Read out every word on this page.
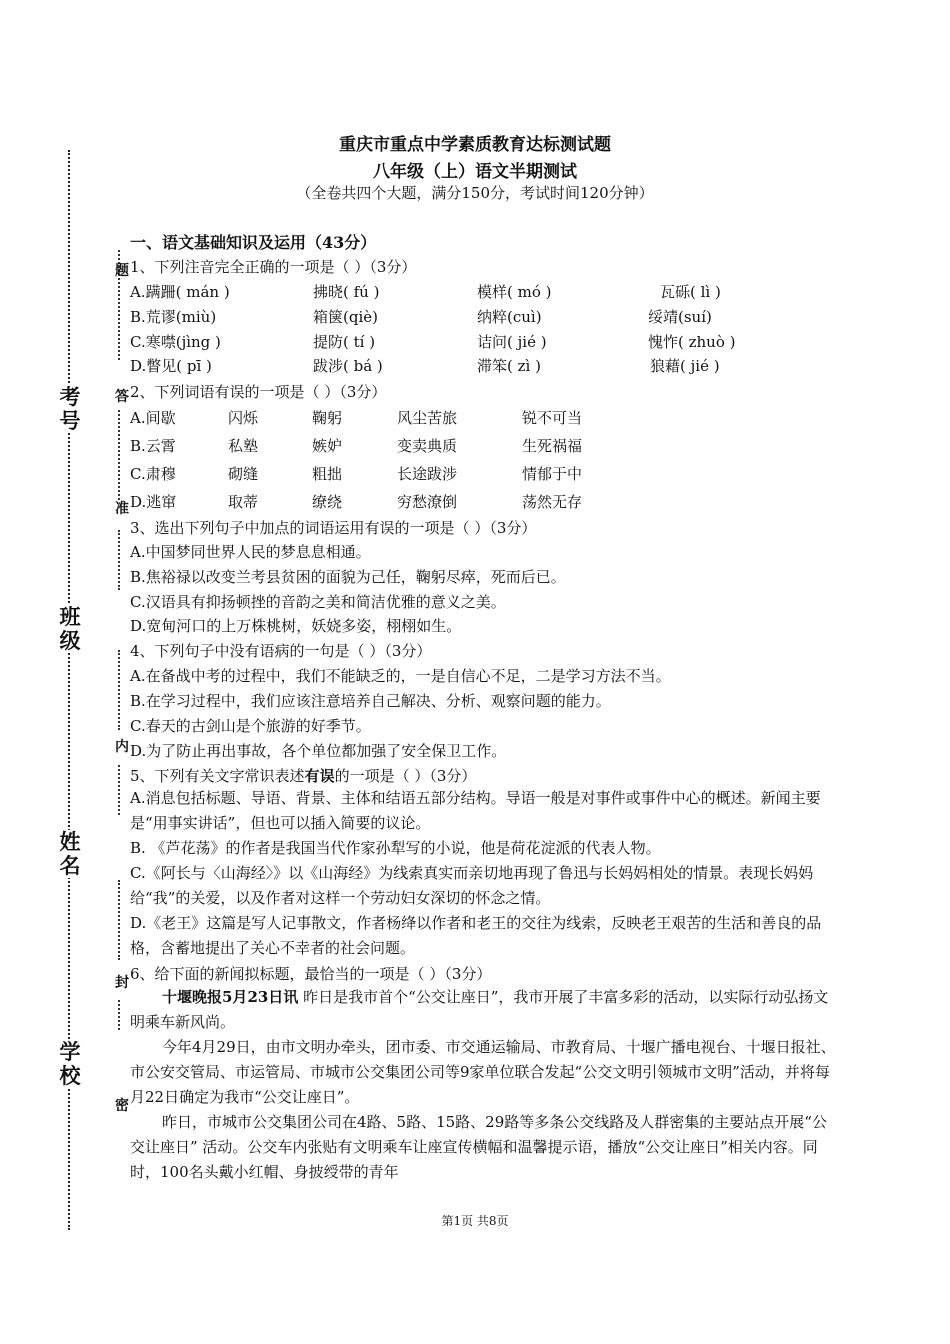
考号
班级
姓名
学校
题
答
准
内
封
密
重庆市重点中学素质教育达标测试题
八年级（上）语文半期测试
（全卷共四个大题，满分150分，考试时间120分钟）
一、语文基础知识及运用（43分）
1、下列注音完全正确的一项是（ ）（3分）
A.蹒跚( mán )	拂晓( fú )	模样( mó )	瓦砾( lì )
B.荒谬(miù)	箱箧(qiè)	纳粹(cuì)	绥靖(suí)
C.寒噤(jìng )	提防( tí )	诘问( jié )	愧怍( zhuò )
D.瞥见( pī )	跋涉( bá )	滞笨( zì )	狼藉( jié )
2、下列词语有误的一项是（ ）（3分）
A.间歇	闪烁	鞠躬	风尘苦旅	锐不可当
B.云霄	私塾	嫉妒	变卖典质	生死祸福
C.肃穆	砌缝	粗拙	长途跋涉	情郁于中
D.逃窜	取蒂	缭绕	穷愁潦倒	荡然无存
3、选出下列句子中加点的词语运用有误的一项是（ ）（3分）
A.中国梦同世界人民的梦息息相通。
B.焦裕禄以改变兰考县贫困的面貌为己任，鞠躬尽瘁，死而后已。
C.汉语具有抑扬顿挫的音韵之美和简洁优雅的意义之美。
D.宽甸河口的上万株桃树，妖娆多姿，栩栩如生。
4、下列句子中没有语病的一句是（ ）（3分）
A.在备战中考的过程中，我们不能缺乏的，一是自信心不足，二是学习方法不当。
B.在学习过程中，我们应该注意培养自己解决、分析、观察问题的能力。
C.春天的古剑山是个旅游的好季节。
D.为了防止再出事故，各个单位都加强了安全保卫工作。
5、下列有关文字常识表述有误的一项是（ ）（3分）
A.消息包括标题、导语、背景、主体和结语五部分结构。导语一般是对事件或事件中心的概述。新闻主要是“用事实讲话”，但也可以插入简要的议论。
B. 《芦花荡》的作者是我国当代作家孙犁写的小说，他是荷花淀派的代表人物。
C.《阿长与〈山海经〉》以《山海经》为线索真实而亲切地再现了鲁迅与长妈妈相处的情景。表现长妈妈给“我”的关爱，以及作者对这样一个劳动妇女深切的怀念之情。
D.《老王》这篇是写人记事散文，作者杨绛以作者和老王的交往为线索，反映老王艰苦的生活和善良的品格，含蓄地提出了关心不幸者的社会问题。
6、给下面的新闻拟标题，最恰当的一项是（ ）（3分）
十堰晚报5月23日讯 昨日是我市首个“公交让座日”，我市开展了丰富多彩的活动，以实际行动弘扬文明乘车新风尚。
今年4月29日，由市文明办牵头，团市委、市交通运输局、市教育局、十堰广播电视台、十堰日报社、市公安交管局、市运管局、市城市公交集团公司等9家单位联合发起“公交文明引领城市文明”活动，并将每月22日确定为我市“公交让座日”。
昨日，市城市公交集团公司在4路、5路、15路、29路等多条公交线路及人群密集的主要站点开展“公交让座日” 活动。公交车内张贴有文明乘车让座宣传横幅和温馨提示语，播放“公交让座日”相关内容。同时，100名头戴小红帽、身披绶带的青年
第1页 共8页
